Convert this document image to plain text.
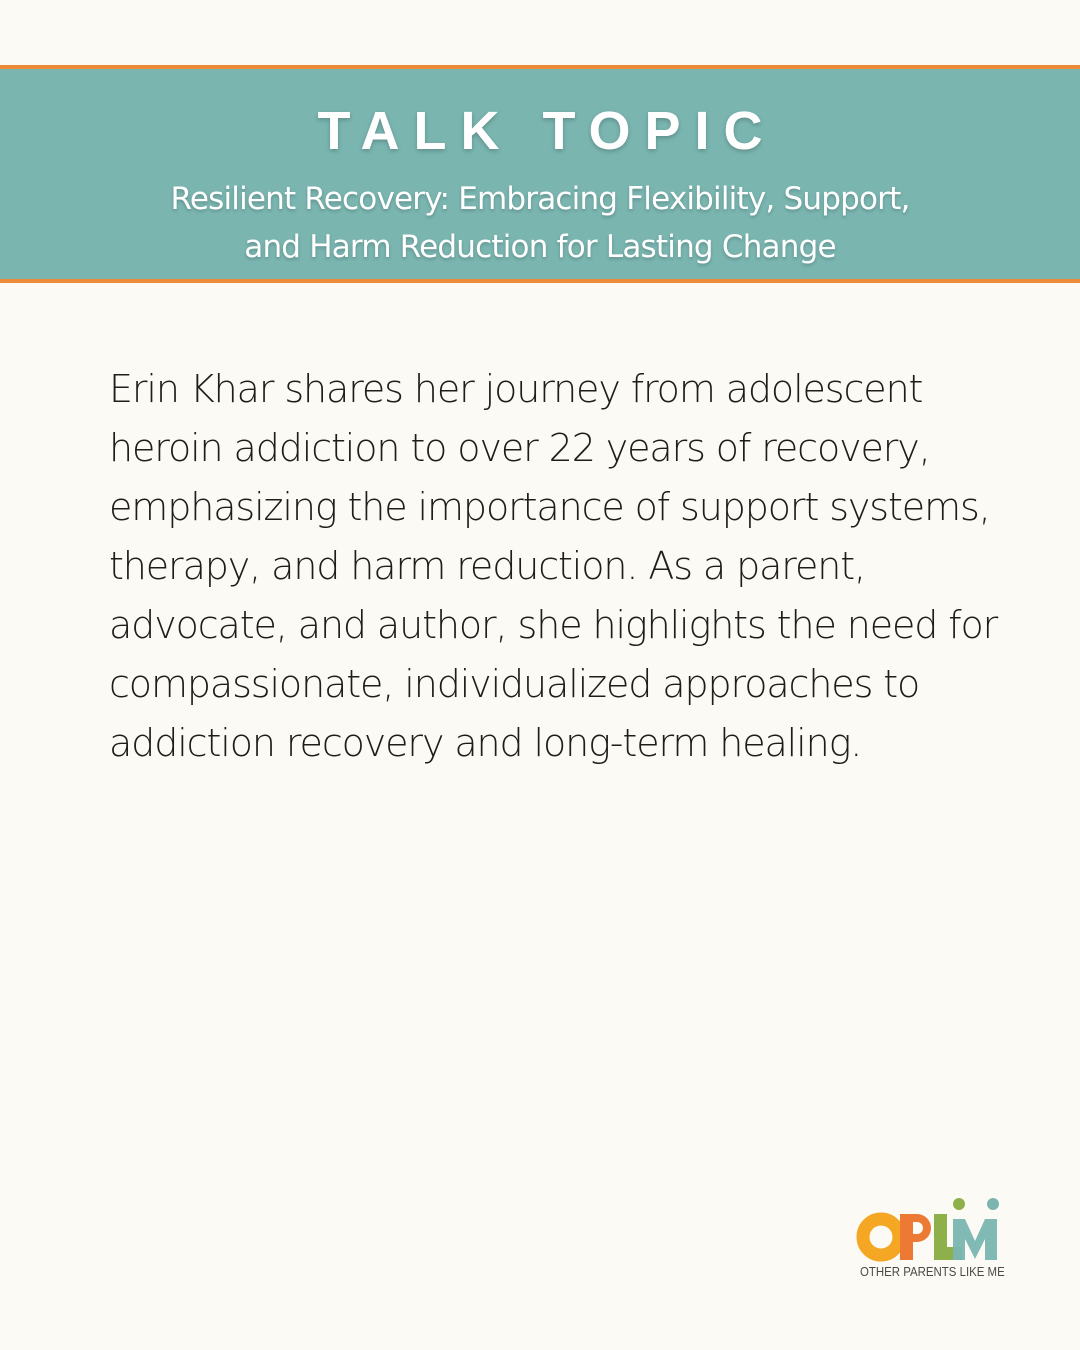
TALK TOPIC

Resilient Recovery: Embracing Flexibility, Support,
and Harm Reduction for Lasting Change

Erin Khar shares her journey from adolescent heroin addiction to over 22 years of recovery, emphasizing the importance of support systems, therapy, and harm reduction. As a parent, advocate, and author, she highlights the need for compassionate, individualized approaches to addiction recovery and long-term healing.

OTHER PARENTS LIKE ME
